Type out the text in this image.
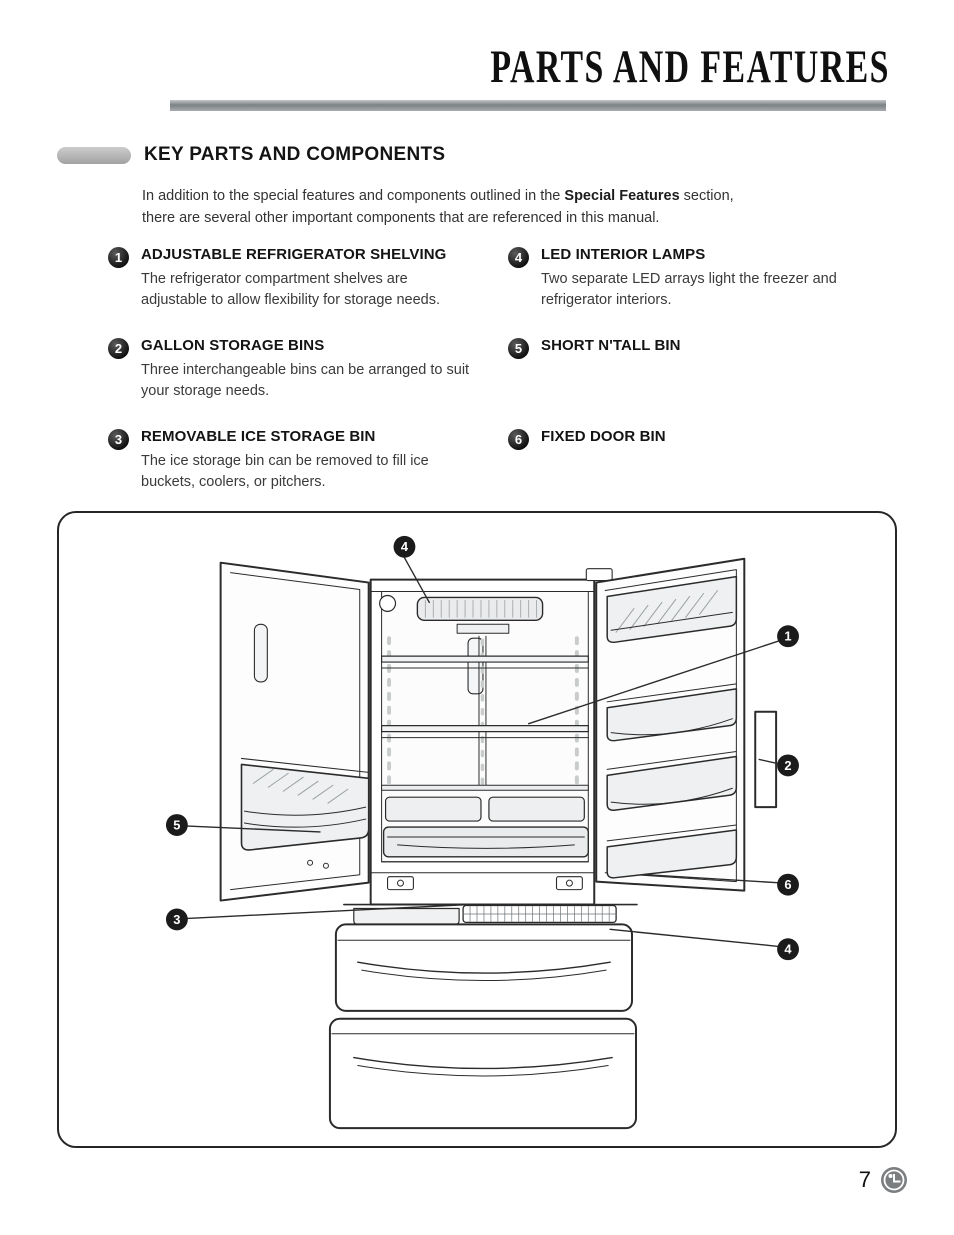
PARTS AND FEATURES
KEY PARTS AND COMPONENTS

In addition to the special features and components outlined in the Special Features section,
there are several other important components that are referenced in this manual.

1	ADJUSTABLE REFRIGERATOR SHELVING

The refrigerator compartment shelves are adjustable to allow flexibility for storage needs.

4	LED INTERIOR LAMPS

Two separate LED arrays light the freezer and refrigerator interiors.

2	GALLON STORAGE BINS

Three interchangeable bins can be arranged to suit your storage needs.

5	SHORT N'TALL BIN

3	REMOVABLE ICE STORAGE BIN

The ice storage bin can be removed to fill ice buckets, coolers, or pitchers.

6	FIXED DOOR BIN

4
1
2
5
6
3
4
7
